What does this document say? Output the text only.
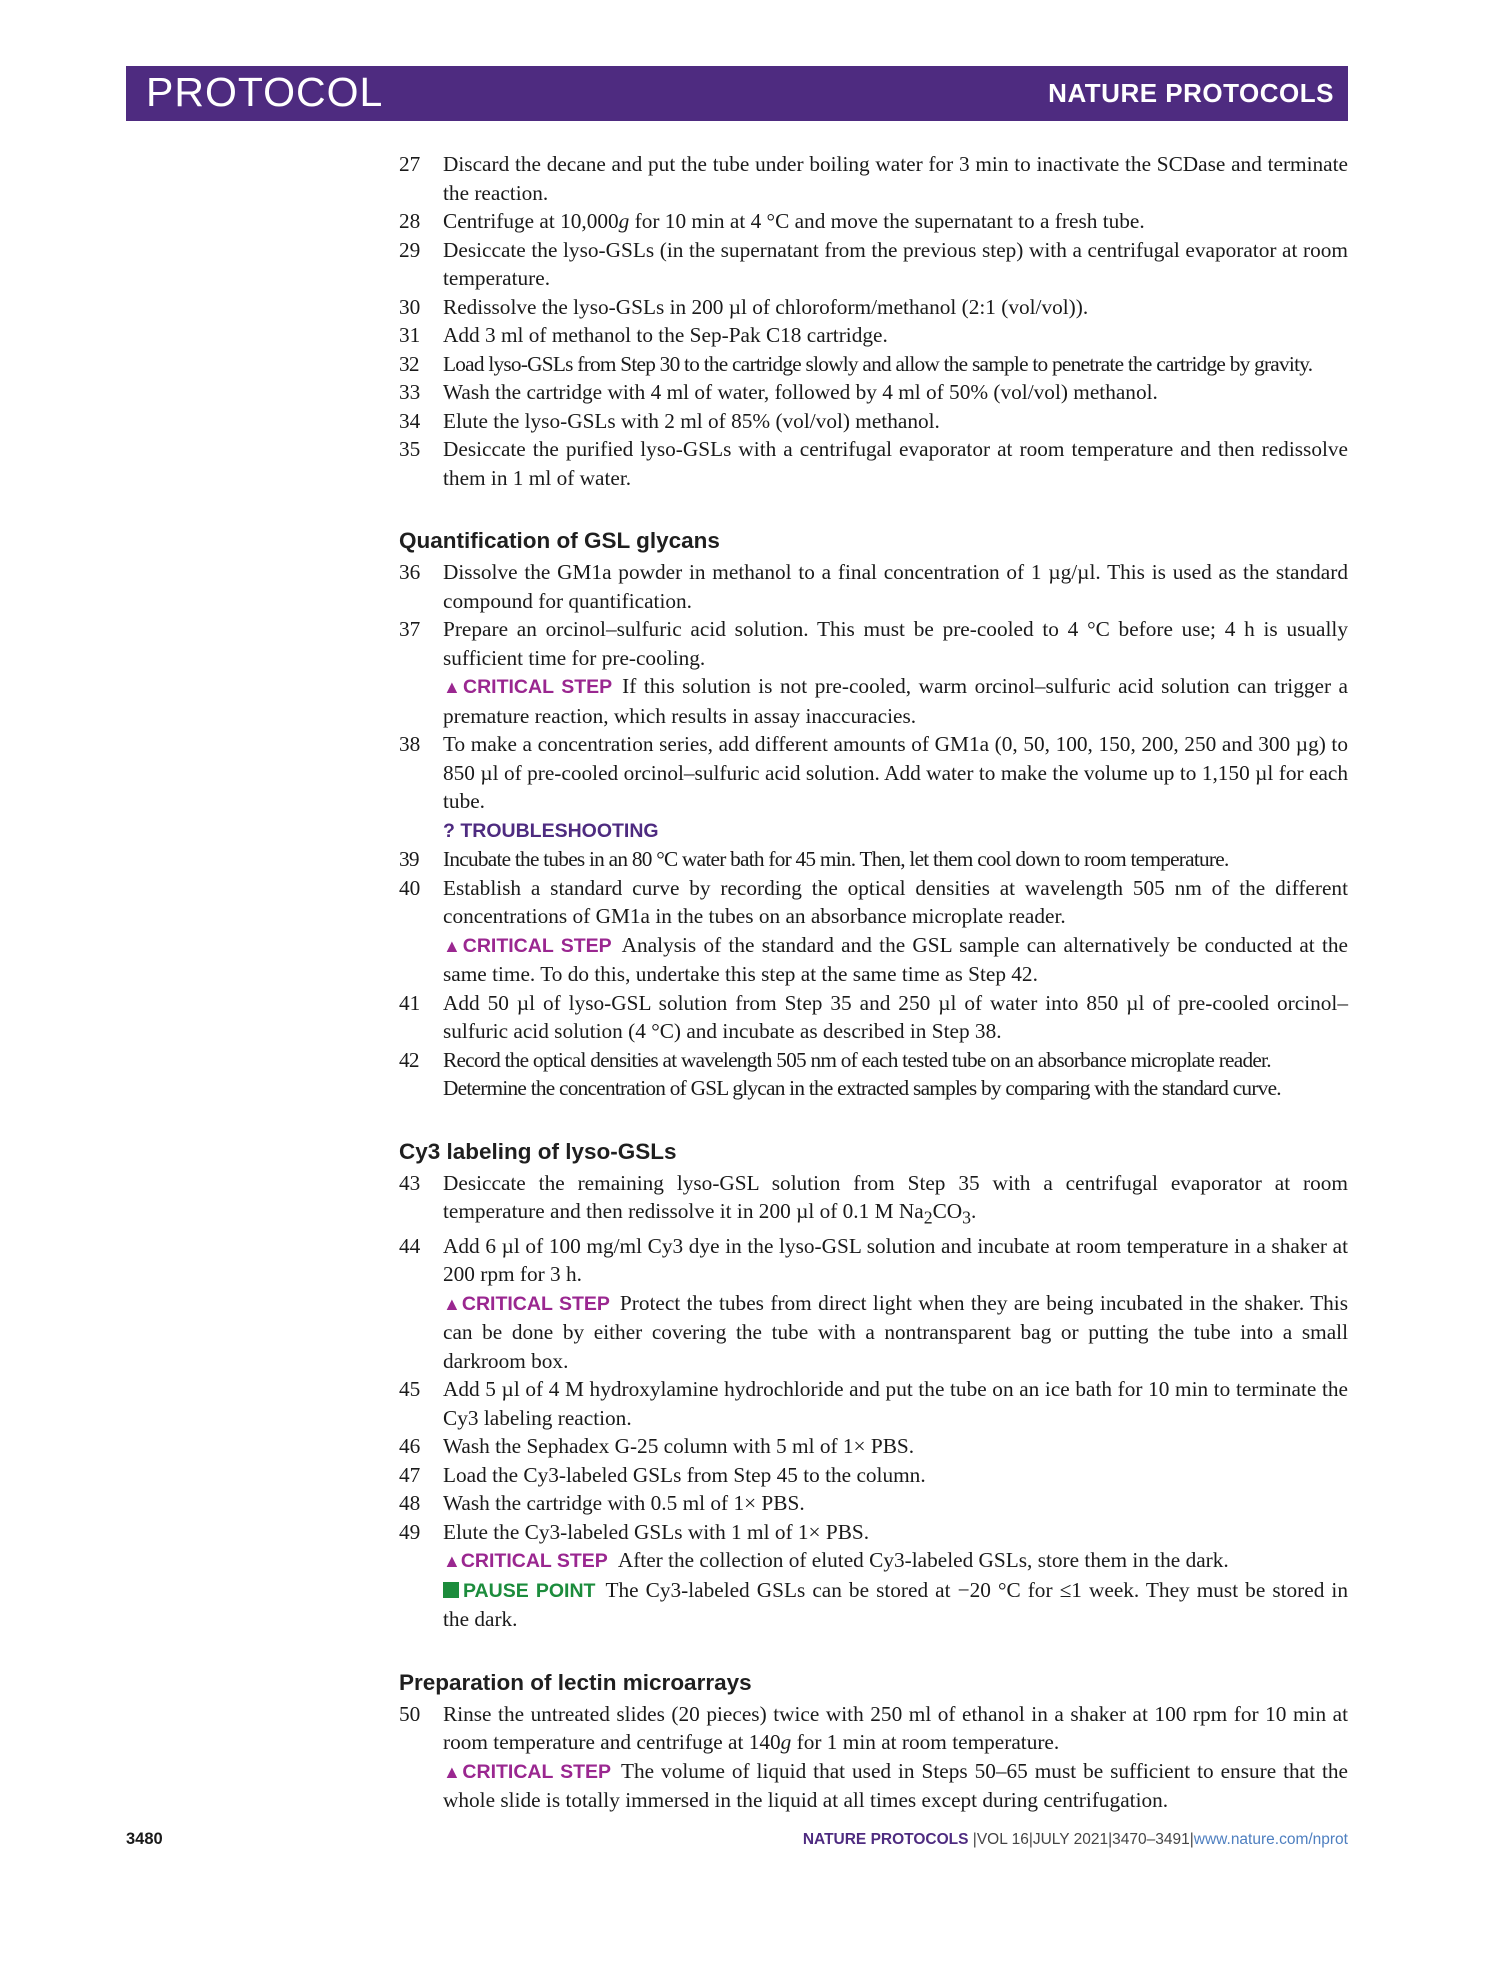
PROTOCOL	NATURE PROTOCOLS
27 Discard the decane and put the tube under boiling water for 3 min to inactivate the SCDase and terminate the reaction.
28 Centrifuge at 10,000g for 10 min at 4 °C and move the supernatant to a fresh tube.
29 Desiccate the lyso-GSLs (in the supernatant from the previous step) with a centrifugal evaporator at room temperature.
30 Redissolve the lyso-GSLs in 200 µl of chloroform/methanol (2:1 (vol/vol)).
31 Add 3 ml of methanol to the Sep-Pak C18 cartridge.
32 Load lyso-GSLs from Step 30 to the cartridge slowly and allow the sample to penetrate the cartridge by gravity.
33 Wash the cartridge with 4 ml of water, followed by 4 ml of 50% (vol/vol) methanol.
34 Elute the lyso-GSLs with 2 ml of 85% (vol/vol) methanol.
35 Desiccate the purified lyso-GSLs with a centrifugal evaporator at room temperature and then redissolve them in 1 ml of water.
Quantification of GSL glycans
36 Dissolve the GM1a powder in methanol to a final concentration of 1 µg/µl. This is used as the standard compound for quantification.
37 Prepare an orcinol–sulfuric acid solution. This must be pre-cooled to 4 °C before use; 4 h is usually sufficient time for pre-cooling.
▲CRITICAL STEP If this solution is not pre-cooled, warm orcinol–sulfuric acid solution can trigger a premature reaction, which results in assay inaccuracies.
38 To make a concentration series, add different amounts of GM1a (0, 50, 100, 150, 200, 250 and 300 µg) to 850 µl of pre-cooled orcinol–sulfuric acid solution. Add water to make the volume up to 1,150 µl for each tube.
? TROUBLESHOOTING
39 Incubate the tubes in an 80 °C water bath for 45 min. Then, let them cool down to room temperature.
40 Establish a standard curve by recording the optical densities at wavelength 505 nm of the different concentrations of GM1a in the tubes on an absorbance microplate reader.
▲CRITICAL STEP Analysis of the standard and the GSL sample can alternatively be conducted at the same time. To do this, undertake this step at the same time as Step 42.
41 Add 50 µl of lyso-GSL solution from Step 35 and 250 µl of water into 850 µl of pre-cooled orcinol–sulfuric acid solution (4 °C) and incubate as described in Step 38.
42 Record the optical densities at wavelength 505 nm of each tested tube on an absorbance microplate reader. Determine the concentration of GSL glycan in the extracted samples by comparing with the standard curve.
Cy3 labeling of lyso-GSLs
43 Desiccate the remaining lyso-GSL solution from Step 35 with a centrifugal evaporator at room temperature and then redissolve it in 200 µl of 0.1 M $Na_2CO_3$.
44 Add 6 µl of 100 mg/ml Cy3 dye in the lyso-GSL solution and incubate at room temperature in a shaker at 200 rpm for 3 h.
▲CRITICAL STEP Protect the tubes from direct light when they are being incubated in the shaker. This can be done by either covering the tube with a nontransparent bag or putting the tube into a small darkroom box.
45 Add 5 µl of 4 M hydroxylamine hydrochloride and put the tube on an ice bath for 10 min to terminate the Cy3 labeling reaction.
46 Wash the Sephadex G-25 column with 5 ml of 1× PBS.
47 Load the Cy3-labeled GSLs from Step 45 to the column.
48 Wash the cartridge with 0.5 ml of 1× PBS.
49 Elute the Cy3-labeled GSLs with 1 ml of 1× PBS.
▲CRITICAL STEP After the collection of eluted Cy3-labeled GSLs, store them in the dark.
PAUSE POINT The Cy3-labeled GSLs can be stored at −20 °C for ≤1 week. They must be stored in the dark.
Preparation of lectin microarrays
50 Rinse the untreated slides (20 pieces) twice with 250 ml of ethanol in a shaker at 100 rpm for 10 min at room temperature and centrifuge at 140g for 1 min at room temperature.
▲CRITICAL STEP The volume of liquid that used in Steps 50–65 must be sufficient to ensure that the whole slide is totally immersed in the liquid at all times except during centrifugation.
3480	NATURE PROTOCOLS |VOL 16|JULY 2021|3470–3491|www.nature.com/nprot
